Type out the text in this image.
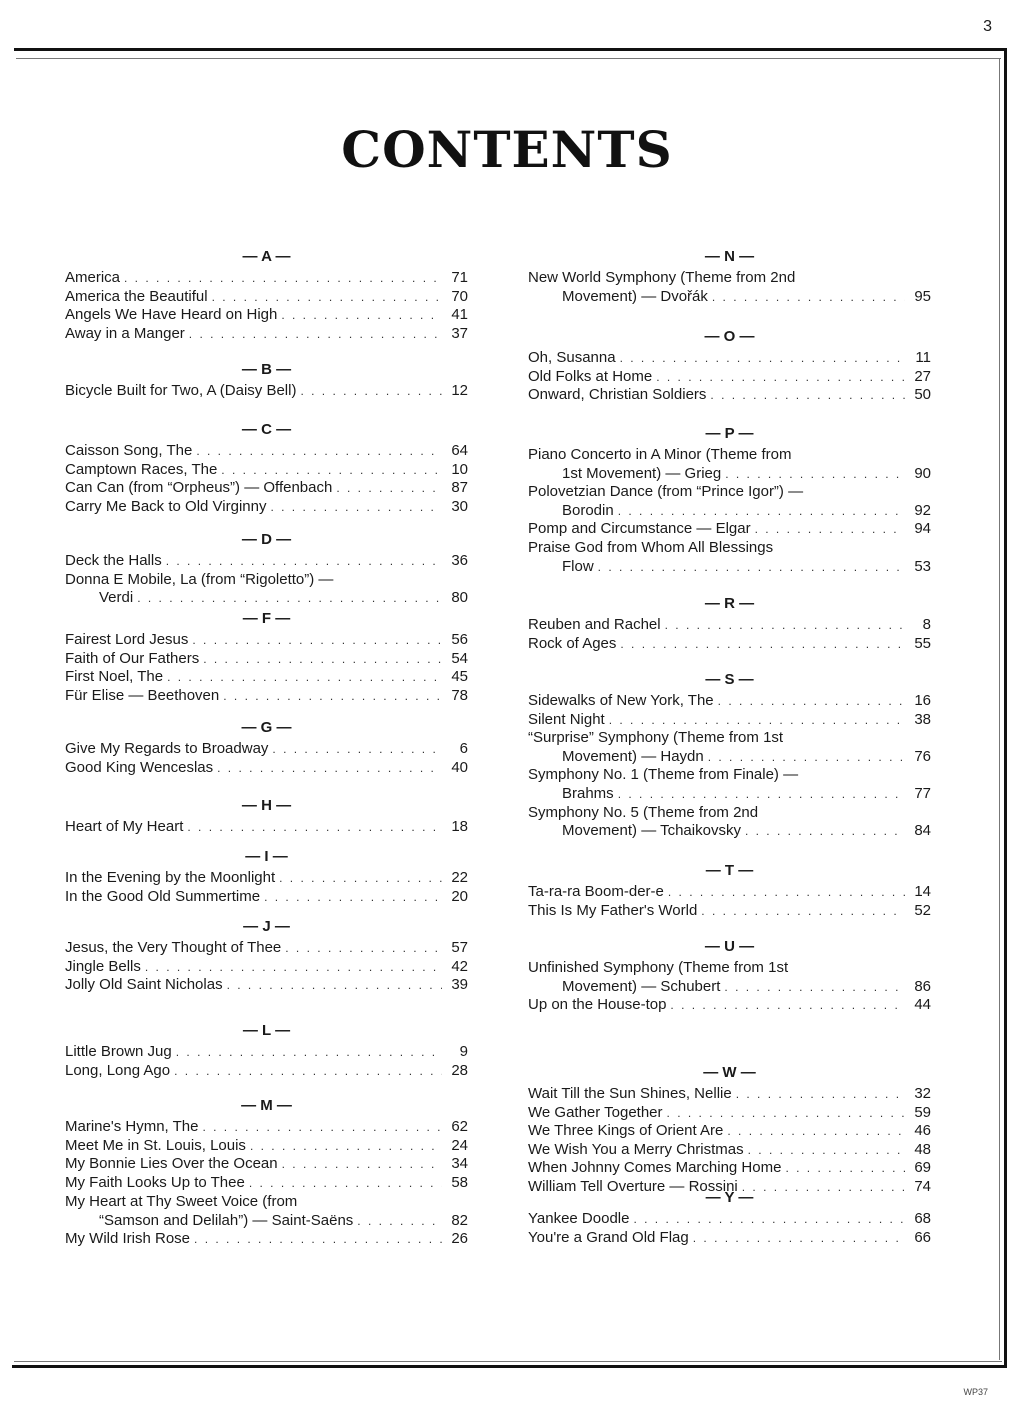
3
CONTENTS
— A —
America . . .	71
America the Beautiful . . .	70
Angels We Have Heard on High . . .	41
Away in a Manger . . .	37
— B —
Bicycle Built for Two, A (Daisy Bell) . . .	12
— C —
Caisson Song, The . . .	64
Camptown Races, The . . .	10
Can Can (from “Orpheus”) — Offenbach . . .	87
Carry Me Back to Old Virginny . . .	30
— D —
Deck the Halls . . .	36
Donna E Mobile, La (from “Rigoletto”) —
Verdi . . .	80
— F —
Fairest Lord Jesus . . .	56
Faith of Our Fathers . . .	54
First Noel, The . . .	45
Für Elise — Beethoven . . .	78
— G —
Give My Regards to Broadway . . .	6
Good King Wenceslas . . .	40
— H —
Heart of My Heart . . .	18
— I —
In the Evening by the Moonlight . . .	22
In the Good Old Summertime . . .	20
— J —
Jesus, the Very Thought of Thee . . .	57
Jingle Bells . . .	42
Jolly Old Saint Nicholas . . .	39
— L —
Little Brown Jug . . .	9
Long, Long Ago . . .	28
— M —
Marine's Hymn, The . . .	62
Meet Me in St. Louis, Louis . . .	24
My Bonnie Lies Over the Ocean . . .	34
My Faith Looks Up to Thee . . .	58
My Heart at Thy Sweet Voice (from
“Samson and Delilah”) — Saint-Saëns . . .	82
My Wild Irish Rose . . .	26
— N —
New World Symphony (Theme from 2nd
Movement) — Dvořák . . .	95
— O —
Oh, Susanna . . .	11
Old Folks at Home . . .	27
Onward, Christian Soldiers . . .	50
— P —
Piano Concerto in A Minor (Theme from
1st Movement) — Grieg . . .	90
Polovetzian Dance (from “Prince Igor”) —
Borodin . . .	92
Pomp and Circumstance — Elgar . . .	94
Praise God from Whom All Blessings
Flow . . .	53
— R —
Reuben and Rachel . . .	8
Rock of Ages . . .	55
— S —
Sidewalks of New York, The . . .	16
Silent Night . . .	38
“Surprise” Symphony (Theme from 1st
Movement) — Haydn . . .	76
Symphony No. 1 (Theme from Finale) —
Brahms . . .	77
Symphony No. 5 (Theme from 2nd
Movement) — Tchaikovsky . . .	84
— T —
Ta-ra-ra Boom-der-e . . .	14
This Is My Father's World . . .	52
— U —
Unfinished Symphony (Theme from 1st
Movement) — Schubert . . .	86
Up on the House-top . . .	44
— W —
Wait Till the Sun Shines, Nellie . . .	32
We Gather Together . . .	59
We Three Kings of Orient Are . . .	46
We Wish You a Merry Christmas . . .	48
When Johnny Comes Marching Home . . .	69
William Tell Overture — Rossini . . .	74
— Y —
Yankee Doodle . . .	68
You're a Grand Old Flag . . .	66
WP37
